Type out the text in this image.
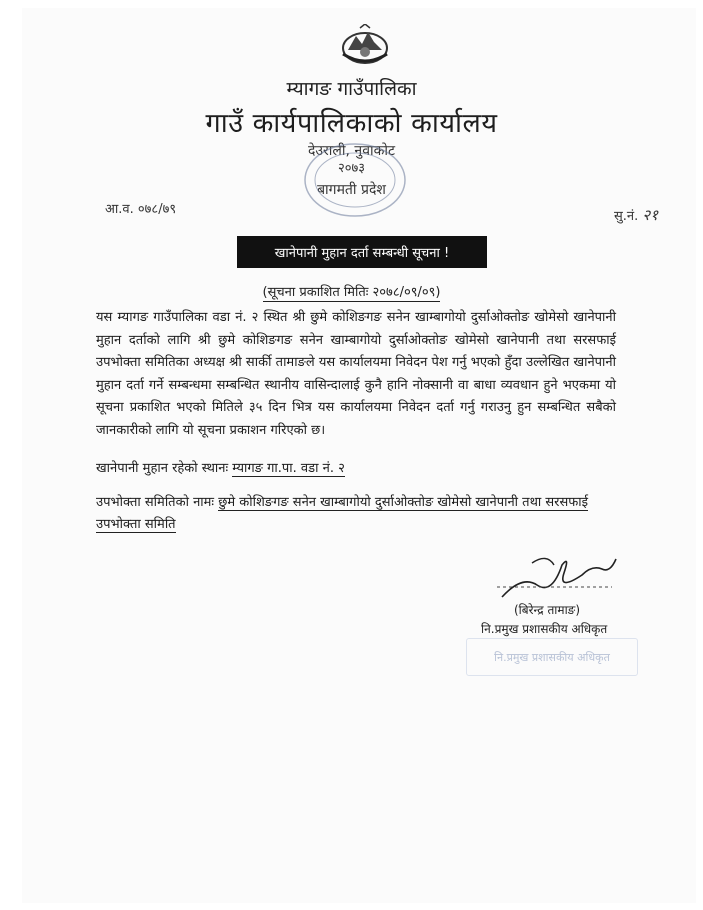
म्यागङ गाउँपालिका
गाउँ कार्यपालिकाको कार्यालय
देउराली, नुवाकोट
२०७३
बागमती प्रदेश
आ.व. ०७८/७९	सु.नं. २१
खानेपानी मुहान दर्ता सम्बन्धी सूचना !
(सूचना प्रकाशित मितिः २०७८/०९/०९)
यस म्यागङ गाउँपालिका वडा नं. २ स्थित श्री छुमे कोशिङगङ सनेन खाम्बागोयो दुर्साओक्तोङ खोमेसो खानेपानी मुहान दर्ताको लागि श्री छुमे कोशिङगङ सनेन खाम्बागोयो दुर्साओक्तोङ खोमेसो खानेपानी तथा सरसफाई उपभोक्ता समितिका अध्यक्ष श्री सार्की तामाङले यस कार्यालयमा निवेदन पेश गर्नु भएको हुँदा उल्लेखित खानेपानी मुहान दर्ता गर्ने सम्बन्धमा सम्बन्धित स्थानीय वासिन्दालाई कुनै हानि नोक्सानी वा बाधा व्यवधान हुने भएकमा यो सूचना प्रकाशित भएको मितिले ३५ दिन भित्र यस कार्यालयमा निवेदन दर्ता गर्नु गराउनु हुन सम्बन्धित सबैको जानकारीको लागि यो सूचना प्रकाशन गरिएको छ।
खानेपानी मुहान रहेको स्थानः म्यागङ गा.पा. वडा नं. २
उपभोक्ता समितिको नामः छुमे कोशिङगङ सनेन खाम्बागोयो दुर्साओक्तोङ खोमेसो खानेपानी तथा सरसफाई उपभोक्ता समिति
(बिरेन्द्र तामाङ)
नि.प्रमुख प्रशासकीय अधिकृत
नि.प्रमुख प्रशासकीय अधिकृत
